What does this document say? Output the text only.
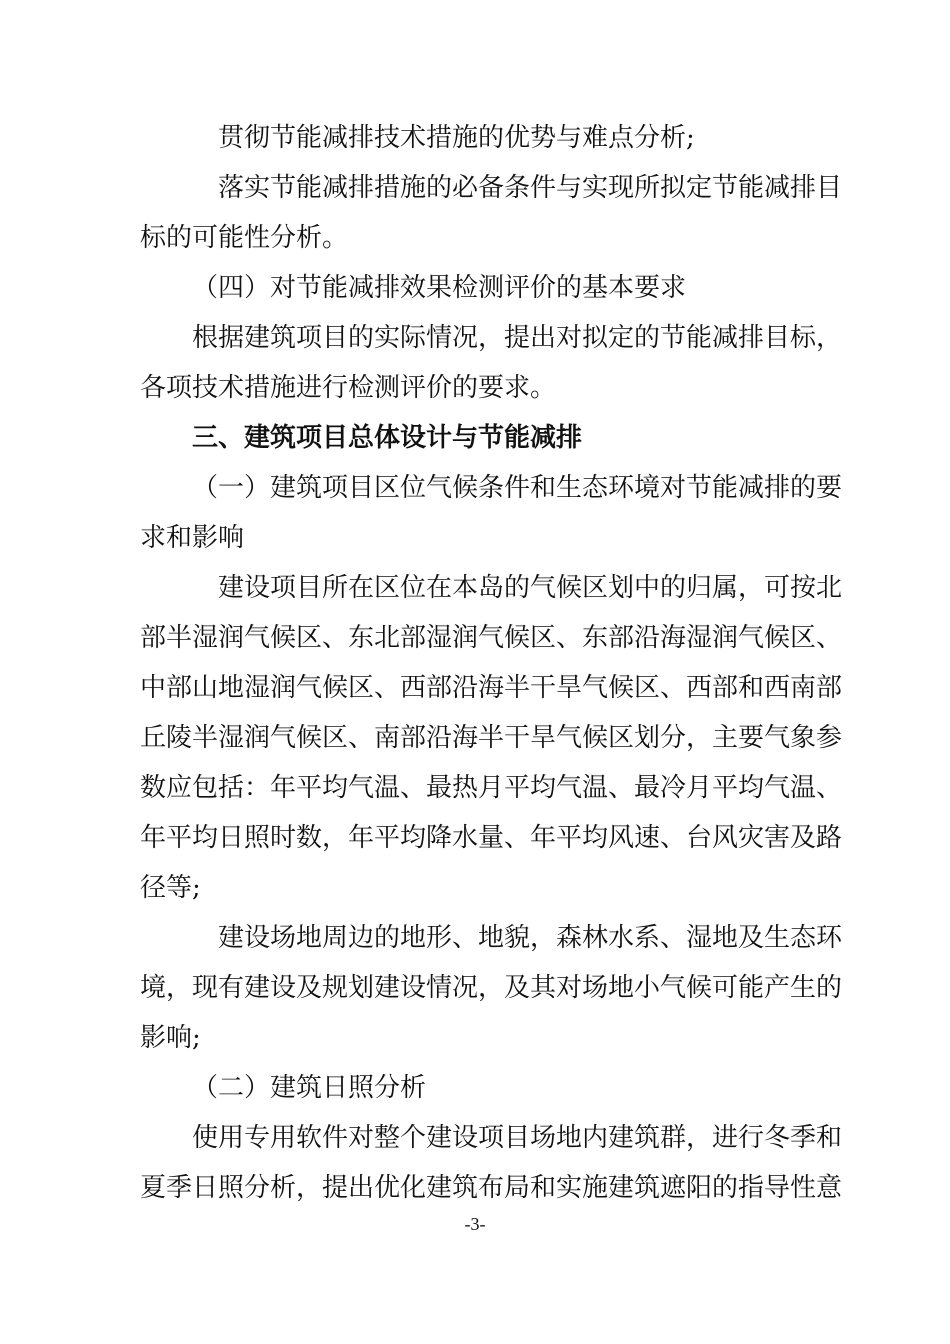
贯彻节能减排技术措施的优势与难点分析;
落实节能减排措施的必备条件与实现所拟定节能减排目
标的可能性分析。
（四）对节能减排效果检测评价的基本要求
根据建筑项目的实际情况，提出对拟定的节能减排目标，
各项技术措施进行检测评价的要求。
三、建筑项目总体设计与节能减排
（一）建筑项目区位气候条件和生态环境对节能减排的要
求和影响
建设项目所在区位在本岛的气候区划中的归属，可按北
部半湿润气候区、东北部湿润气候区、东部沿海湿润气候区、
中部山地湿润气候区、西部沿海半干旱气候区、西部和西南部
丘陵半湿润气候区、南部沿海半干旱气候区划分，主要气象参
数应包括：年平均气温、最热月平均气温、最冷月平均气温、
年平均日照时数，年平均降水量、年平均风速、台风灾害及路
径等;
建设场地周边的地形、地貌，森林水系、湿地及生态环
境，现有建设及规划建设情况，及其对场地小气候可能产生的
影响;
（二）建筑日照分析
使用专用软件对整个建设项目场地内建筑群，进行冬季和
夏季日照分析，提出优化建筑布局和实施建筑遮阳的指导性意
-3-
